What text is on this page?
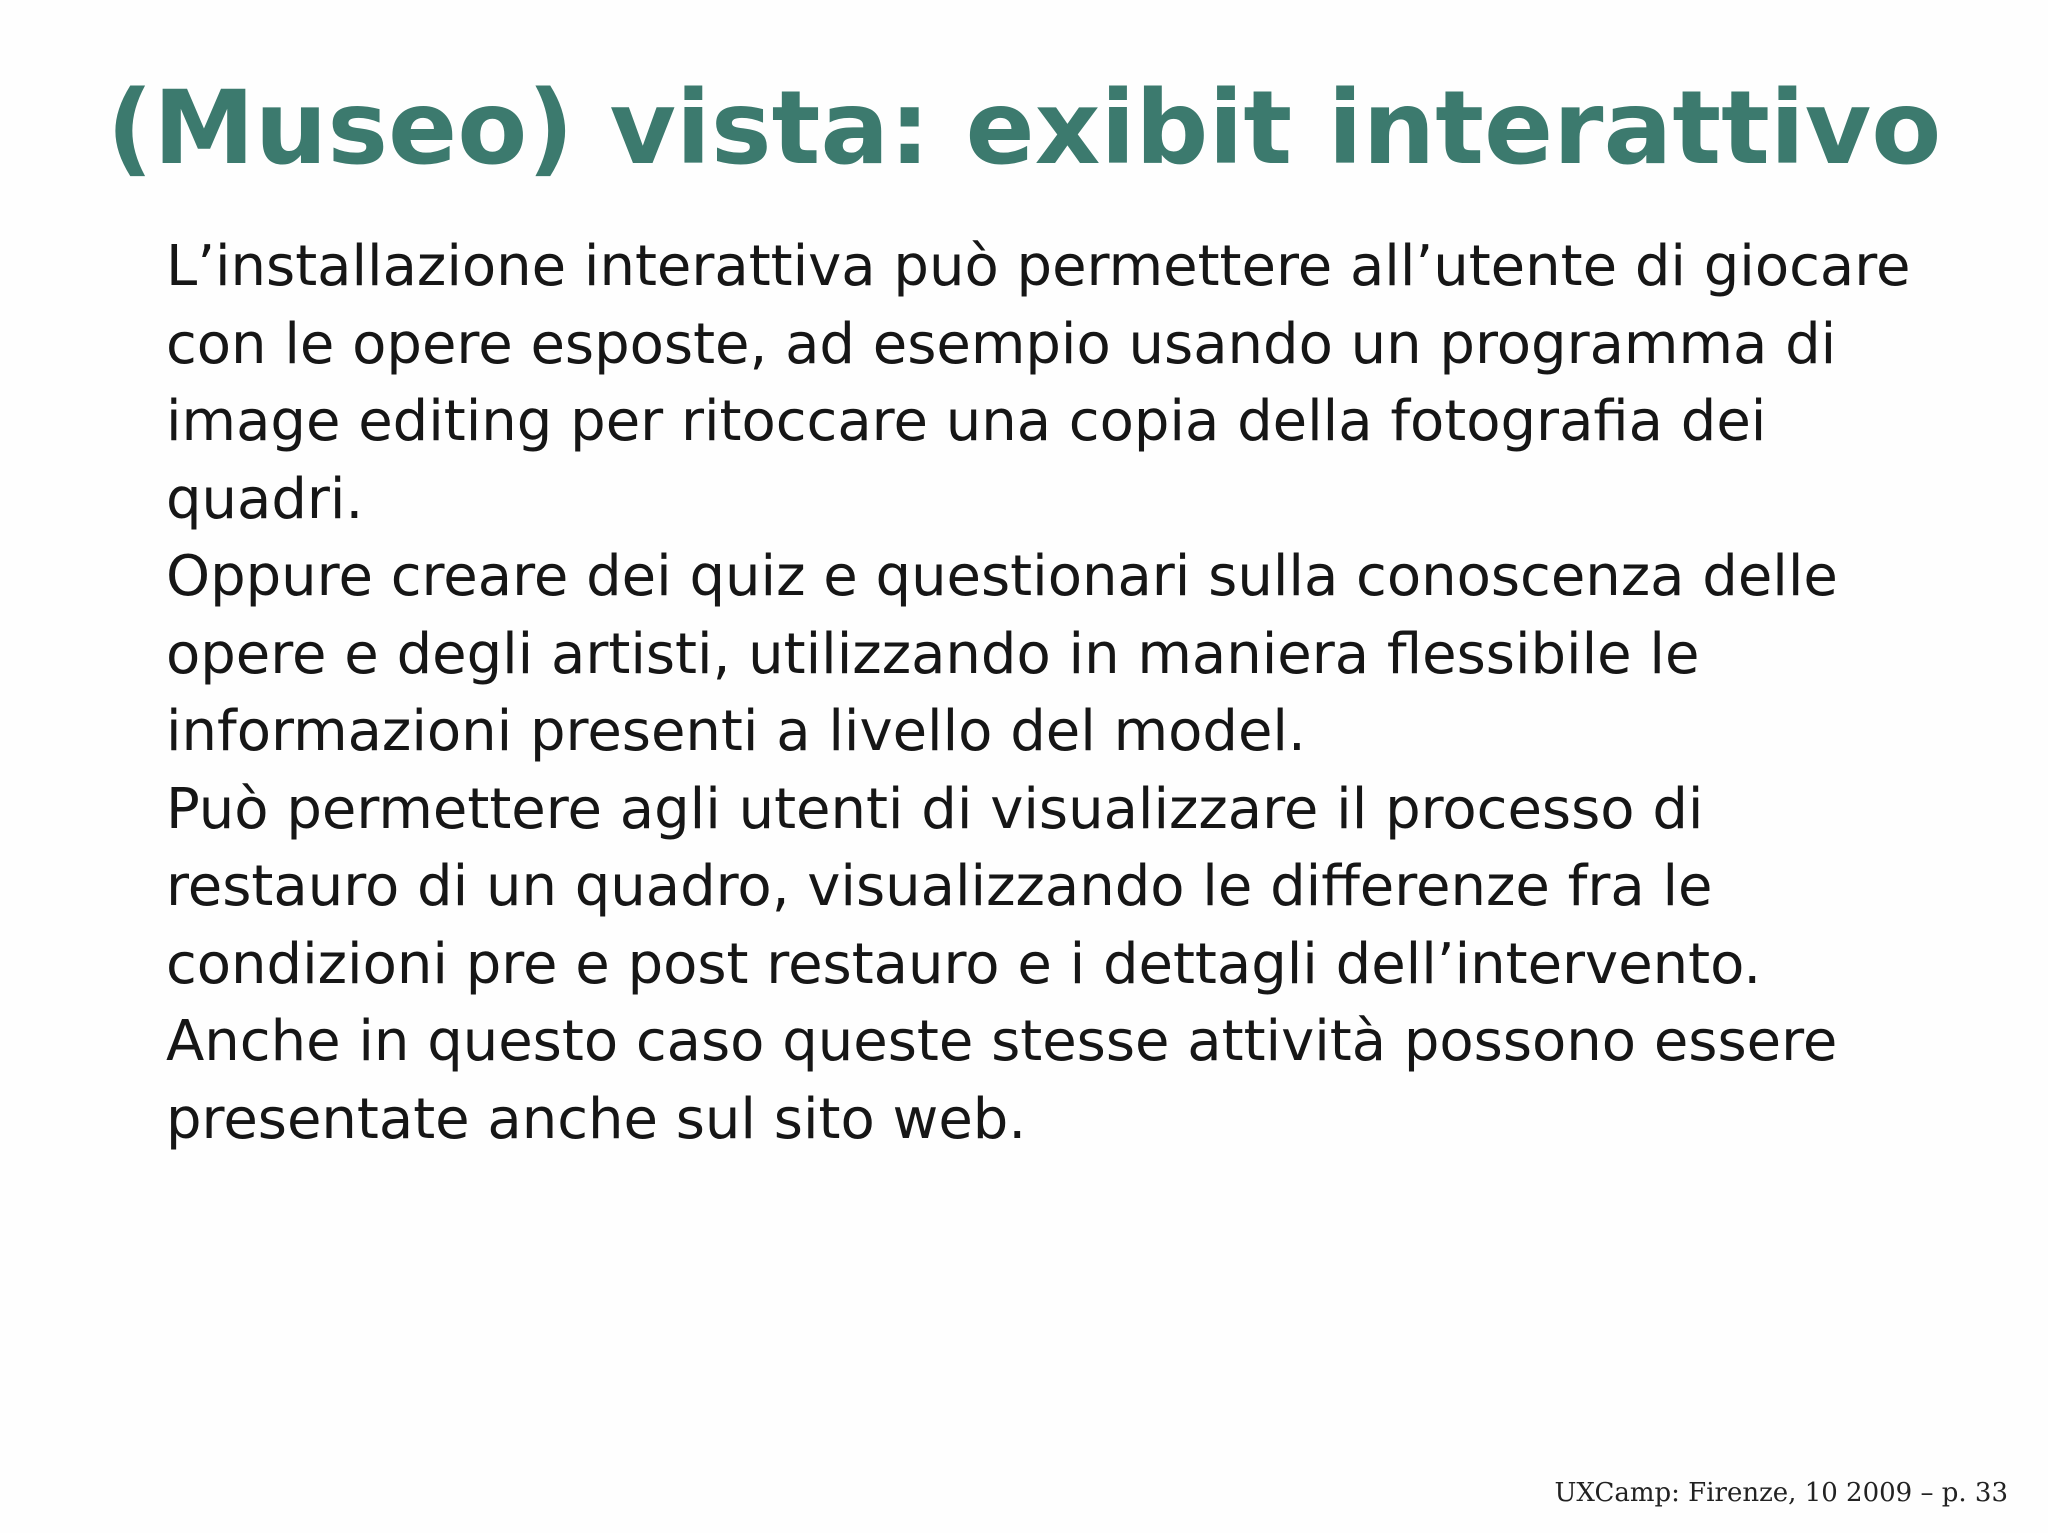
(Museo) vista: exibit interattivo
L’installazione interattiva può permettere all’utente di giocare
con le opere esposte, ad esempio usando un programma di
image editing per ritoccare una copia della fotografia dei
quadri.
Oppure creare dei quiz e questionari sulla conoscenza delle
opere e degli artisti, utilizzando in maniera flessibile le
informazioni presenti a livello del model.
Può permettere agli utenti di visualizzare il processo di
restauro di un quadro, visualizzando le differenze fra le
condizioni pre e post restauro e i dettagli dell’intervento.
Anche in questo caso queste stesse attività possono essere
presentate anche sul sito web.
UXCamp: Firenze, 10 2009 – p. 33
